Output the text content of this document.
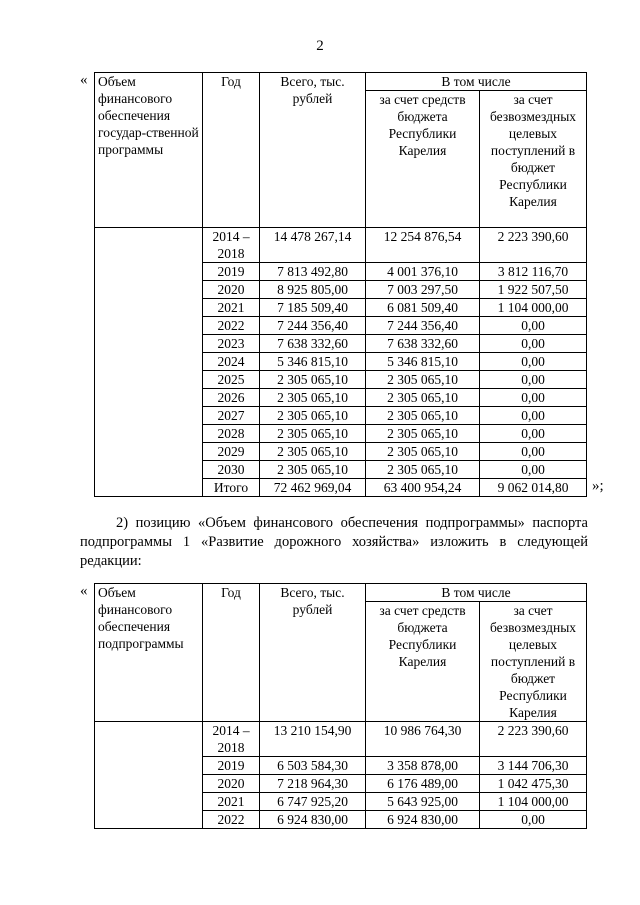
2
« Объем финансового обеспечения государ-ственной программы	Год	Всего, тыс. рублей	В том числе	
			за счет средств бюджета Республики Карелия	за счет безвозмездных целевых поступлений в бюджет Республики Карелия
	2014 – 2018	14 478 267,14	12 254 876,54	2 223 390,60
	2019	7 813 492,80	4 001 376,10	3 812 116,70
	2020	8 925 805,00	7 003 297,50	1 922 507,50
	2021	7 185 509,40	6 081 509,40	1 104 000,00
	2022	7 244 356,40	7 244 356,40	0,00
	2023	7 638 332,60	7 638 332,60	0,00
	2024	5 346 815,10	5 346 815,10	0,00
	2025	2 305 065,10	2 305 065,10	0,00
	2026	2 305 065,10	2 305 065,10	0,00
	2027	2 305 065,10	2 305 065,10	0,00
	2028	2 305 065,10	2 305 065,10	0,00
	2029	2 305 065,10	2 305 065,10	0,00
	2030	2 305 065,10	2 305 065,10	0,00
	Итого	72 462 969,04	63 400 954,24	9 062 014,80 »;
2) позицию «Объем финансового обеспечения подпрограммы» паспорта подпрограммы 1 «Развитие дорожного хозяйства» изложить в следующей редакции:
« Объем финансового обеспечения подпрограммы	Год	Всего, тыс. рублей	В том числе	
			за счет средств бюджета Республики Карелия	за счет безвозмездных целевых поступлений в бюджет Республики Карелия
	2014 – 2018	13 210 154,90	10 986 764,30	2 223 390,60
	2019	6 503 584,30	3 358 878,00	3 144 706,30
	2020	7 218 964,30	6 176 489,00	1 042 475,30
	2021	6 747 925,20	5 643 925,00	1 104 000,00
	2022	6 924 830,00	6 924 830,00	0,00
